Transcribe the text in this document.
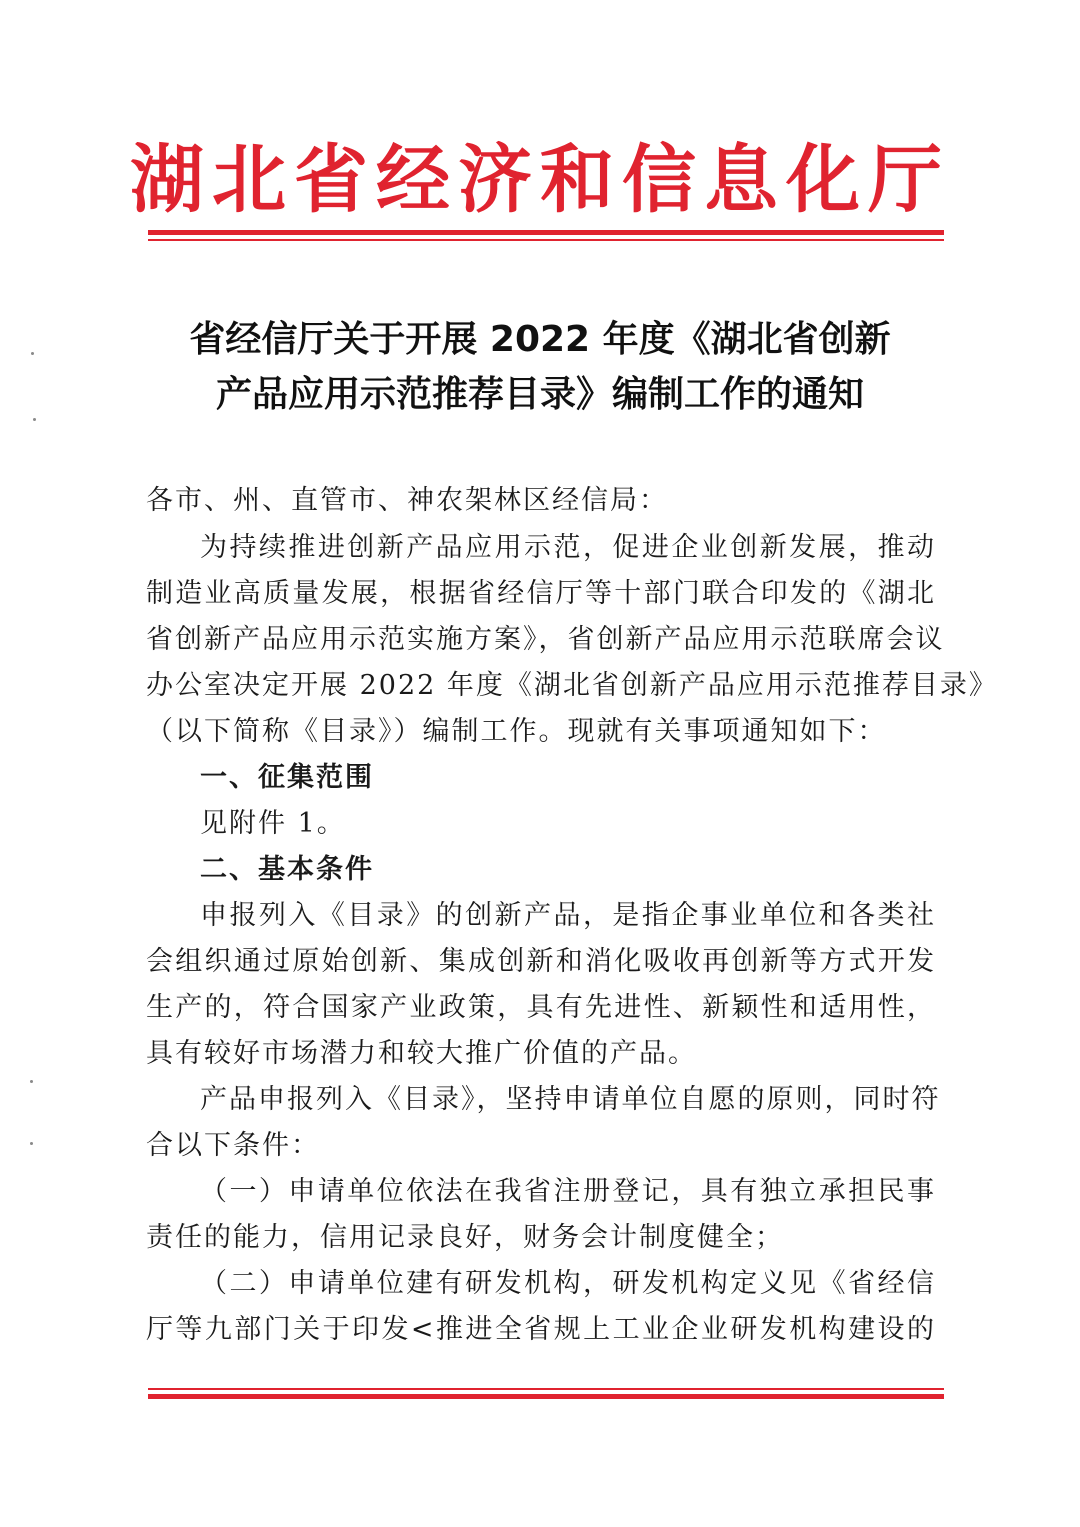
湖北省经济和信息化厅
省经信厅关于开展 2022 年度《湖北省创新
产品应用示范推荐目录》编制工作的通知
各市、州、直管市、神农架林区经信局：
为持续推进创新产品应用示范，促进企业创新发展，推动
制造业高质量发展，根据省经信厅等十部门联合印发的《湖北
省创新产品应用示范实施方案》，省创新产品应用示范联席会议
办公室决定开展 2022 年度《湖北省创新产品应用示范推荐目录》
（以下简称《目录》）编制工作。现就有关事项通知如下：
一、征集范围
见附件 1。
二、基本条件
申报列入《目录》的创新产品，是指企事业单位和各类社
会组织通过原始创新、集成创新和消化吸收再创新等方式开发
生产的，符合国家产业政策，具有先进性、新颖性和适用性，
具有较好市场潜力和较大推广价值的产品。
产品申报列入《目录》，坚持申请单位自愿的原则，同时符
合以下条件：
（一）申请单位依法在我省注册登记，具有独立承担民事
责任的能力，信用记录良好，财务会计制度健全；
（二）申请单位建有研发机构，研发机构定义见《省经信
厅等九部门关于印发<推进全省规上工业企业研发机构建设的
